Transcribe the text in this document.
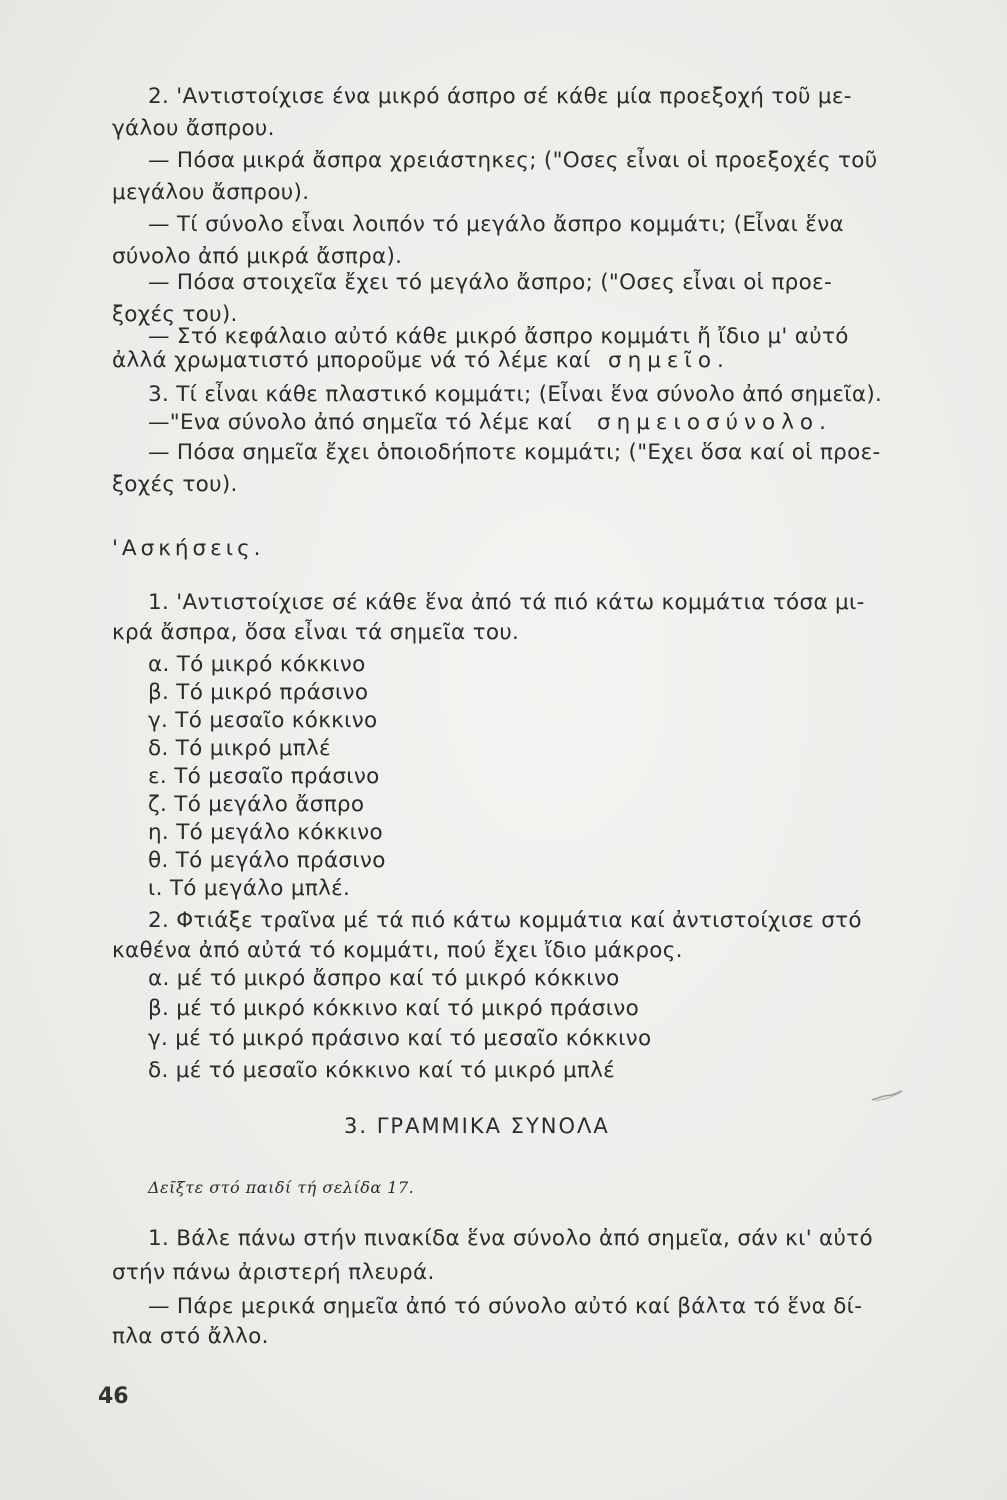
2. 'Αντιστοίχισε ένα μικρό άσπρο σέ κάθε μία προεξοχή τοῦ με-
γάλου ἄσπρου.
— Πόσα μικρά ἄσπρα χρειάστηκες; ("Οσες εἶναι οἱ προεξοχές τοῦ
μεγάλου ἄσπρου).
— Τί σύνολο εἶναι λοιπόν τό μεγάλο ἄσπρο κομμάτι; (Εἶναι ἕνα
σύνολο ἀπό μικρά ἄσπρα).
— Πόσα στοιχεῖα ἔχει τό μεγάλο ἄσπρο; ("Οσες εἶναι οἱ προε-
ξοχές του).
— Στό κεφάλαιο αὐτό κάθε μικρό ἄσπρο κομμάτι ἤ ἴδιο μ' αὐτό
ἀλλά χρωματιστό μποροῦμε νά τό λέμε καί σημεῖο.
3. Τί εἶναι κάθε πλαστικό κομμάτι; (Εἶναι ἕνα σύνολο ἀπό σημεῖα).
—"Ενα σύνολο ἀπό σημεῖα τό λέμε καί σημειοσύνολο.
— Πόσα σημεῖα ἔχει ὁποιοδήποτε κομμάτι; ("Εχει ὅσα καί οἱ προε-
ξοχές του).
'Ασκήσεις.
1. 'Αντιστοίχισε σέ κάθε ἕνα ἀπό τά πιό κάτω κομμάτια τόσα μι-
κρά ἄσπρα, ὅσα εἶναι τά σημεῖα του.
α. Τό μικρό κόκκινο
β. Τό μικρό πράσινο
γ. Τό μεσαῖο κόκκινο
δ. Τό μικρό μπλέ
ε. Τό μεσαῖο πράσινο
ζ. Τό μεγάλο ἄσπρο
η. Τό μεγάλο κόκκινο
θ. Τό μεγάλο πράσινο
ι. Τό μεγάλο μπλέ.
2. Φτιάξε τραῖνα μέ τά πιό κάτω κομμάτια καί ἀντιστοίχισε στό
καθένα ἀπό αὐτά τό κομμάτι, πού ἔχει ἴδιο μάκρος.
α. μέ τό μικρό ἄσπρο καί τό μικρό κόκκινο
β. μέ τό μικρό κόκκινο καί τό μικρό πράσινο
γ. μέ τό μικρό πράσινο καί τό μεσαῖο κόκκινο
δ. μέ τό μεσαῖο κόκκινο καί τό μικρό μπλέ
3. ΓΡΑΜΜΙΚΑ ΣΥΝΟΛΑ
Δεῖξτε στό παιδί τή σελίδα 17.
1. Βάλε πάνω στήν πινακίδα ἕνα σύνολο ἀπό σημεῖα, σάν κι' αὐτό
στήν πάνω ἀριστερή πλευρά.
— Πάρε μερικά σημεῖα ἀπό τό σύνολο αὐτό καί βάλτα τό ἕνα δί-
πλα στό ἄλλο.
46
